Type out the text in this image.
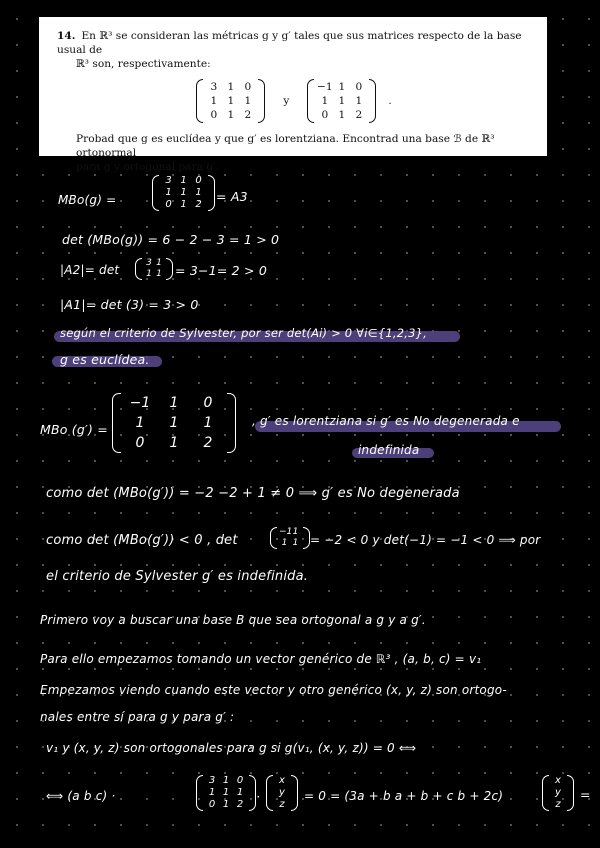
14. En ℝ³ se consideran las métricas g y g′ tales que sus matrices respecto de la base usual de

ℝ³ son, respectivamente:

3 1 0
1 1 1
0 1 2
y
−1 1 0
1 1 1
0 1 2
.

Probad que g es euclídea y que g′ es lorentziana. Encontrad una base ℬ de ℝ³ ortonormal

para g y ortogonal para g′.

MBo(g) =
3 1 0
1 1 1
0 1 2
= A3
det (MBo(g)) = 6 − 2 − 3 = 1 > 0
|A2|= det	3 1
1 1 = 3−1= 2 > 0
|A1|= det (3) = 3 > 0
según el criterio de Sylvester, por ser det(Ai) > 0 ∀i∈{1,2,3},
g es euclídea.
MBo (g′) =
−1	1	0
1	1	1
0	1	2
, g′ es lorentziana si g′ es No degenerada e
indefinida
como det (MBo(g′)) = −2 −2 + 1 ≠ 0 ⟹ g′ es No degenerada
como det (MBo(g′)) < 0 , det
−1 1
1 1 = −2 < 0 y det(−1) = −1 < 0 ⟹ por
el criterio de Sylvester g′ es indefinida.
Primero voy a buscar una base B que sea ortogonal a g y a g′.
Para ello empezamos tomando un vector genérico de ℝ³ , (a, b, c) = v₁
Empezamos viendo cuando este vector y otro genérico (x, y, z) son ortogo-
nales entre sí para g y para g′ :
v₁ y (x, y, z) son ortogonales para g si g(v₁, (x, y, z)) = 0 ⟺
⟺ (a b c) ·
3 1 0
1 1 1
0 1 2
·
x
y
z
= 0 = (3a + b a + b + c b + 2c)
x
y
z
=
